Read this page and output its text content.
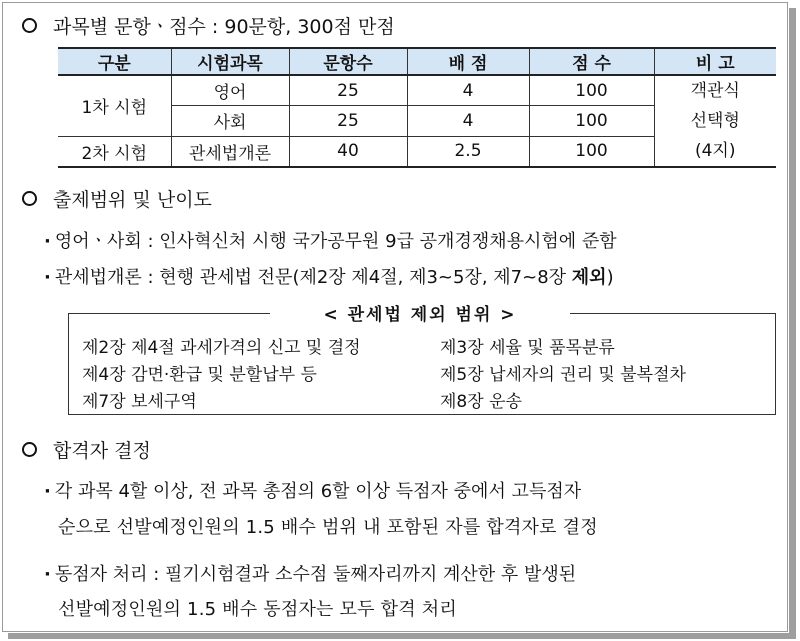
과목별 문항ㆍ점수 : 90문항, 300점 만점
구분	시험과목	문항수	배 점	점 수	비 고
1차 시험	영어	25	4	100	객관식
선택형
(4지)

	사회	25	4	100	
2차 시험	관세법개론	40	2.5	100	
출제범위 및 난이도
· 영어ㆍ사회 : 인사혁신처 시행 국가공무원 9급 공개경쟁채용시험에 준함
· 관세법개론 : 현행 관세법 전문(제2장 제4절, 제3~5장, 제7~8장 제외)
< 관세법 제외 범위 >
제2장 제4절 과세가격의 신고 및 결정	제3장 세율 및 품목분류
제4장 감면·환급 및 분할납부 등	제5장 납세자의 권리 및 불복절차
제7장 보세구역	제8장 운송
합격자 결정
· 각 과목 4할 이상, 전 과목 총점의 6할 이상 득점자 중에서 고득점자
순으로 선발예정인원의 1.5 배수 범위 내 포함된 자를 합격자로 결정
· 동점자 처리 : 필기시험결과 소수점 둘째자리까지 계산한 후 발생된
선발예정인원의 1.5 배수 동점자는 모두 합격 처리
